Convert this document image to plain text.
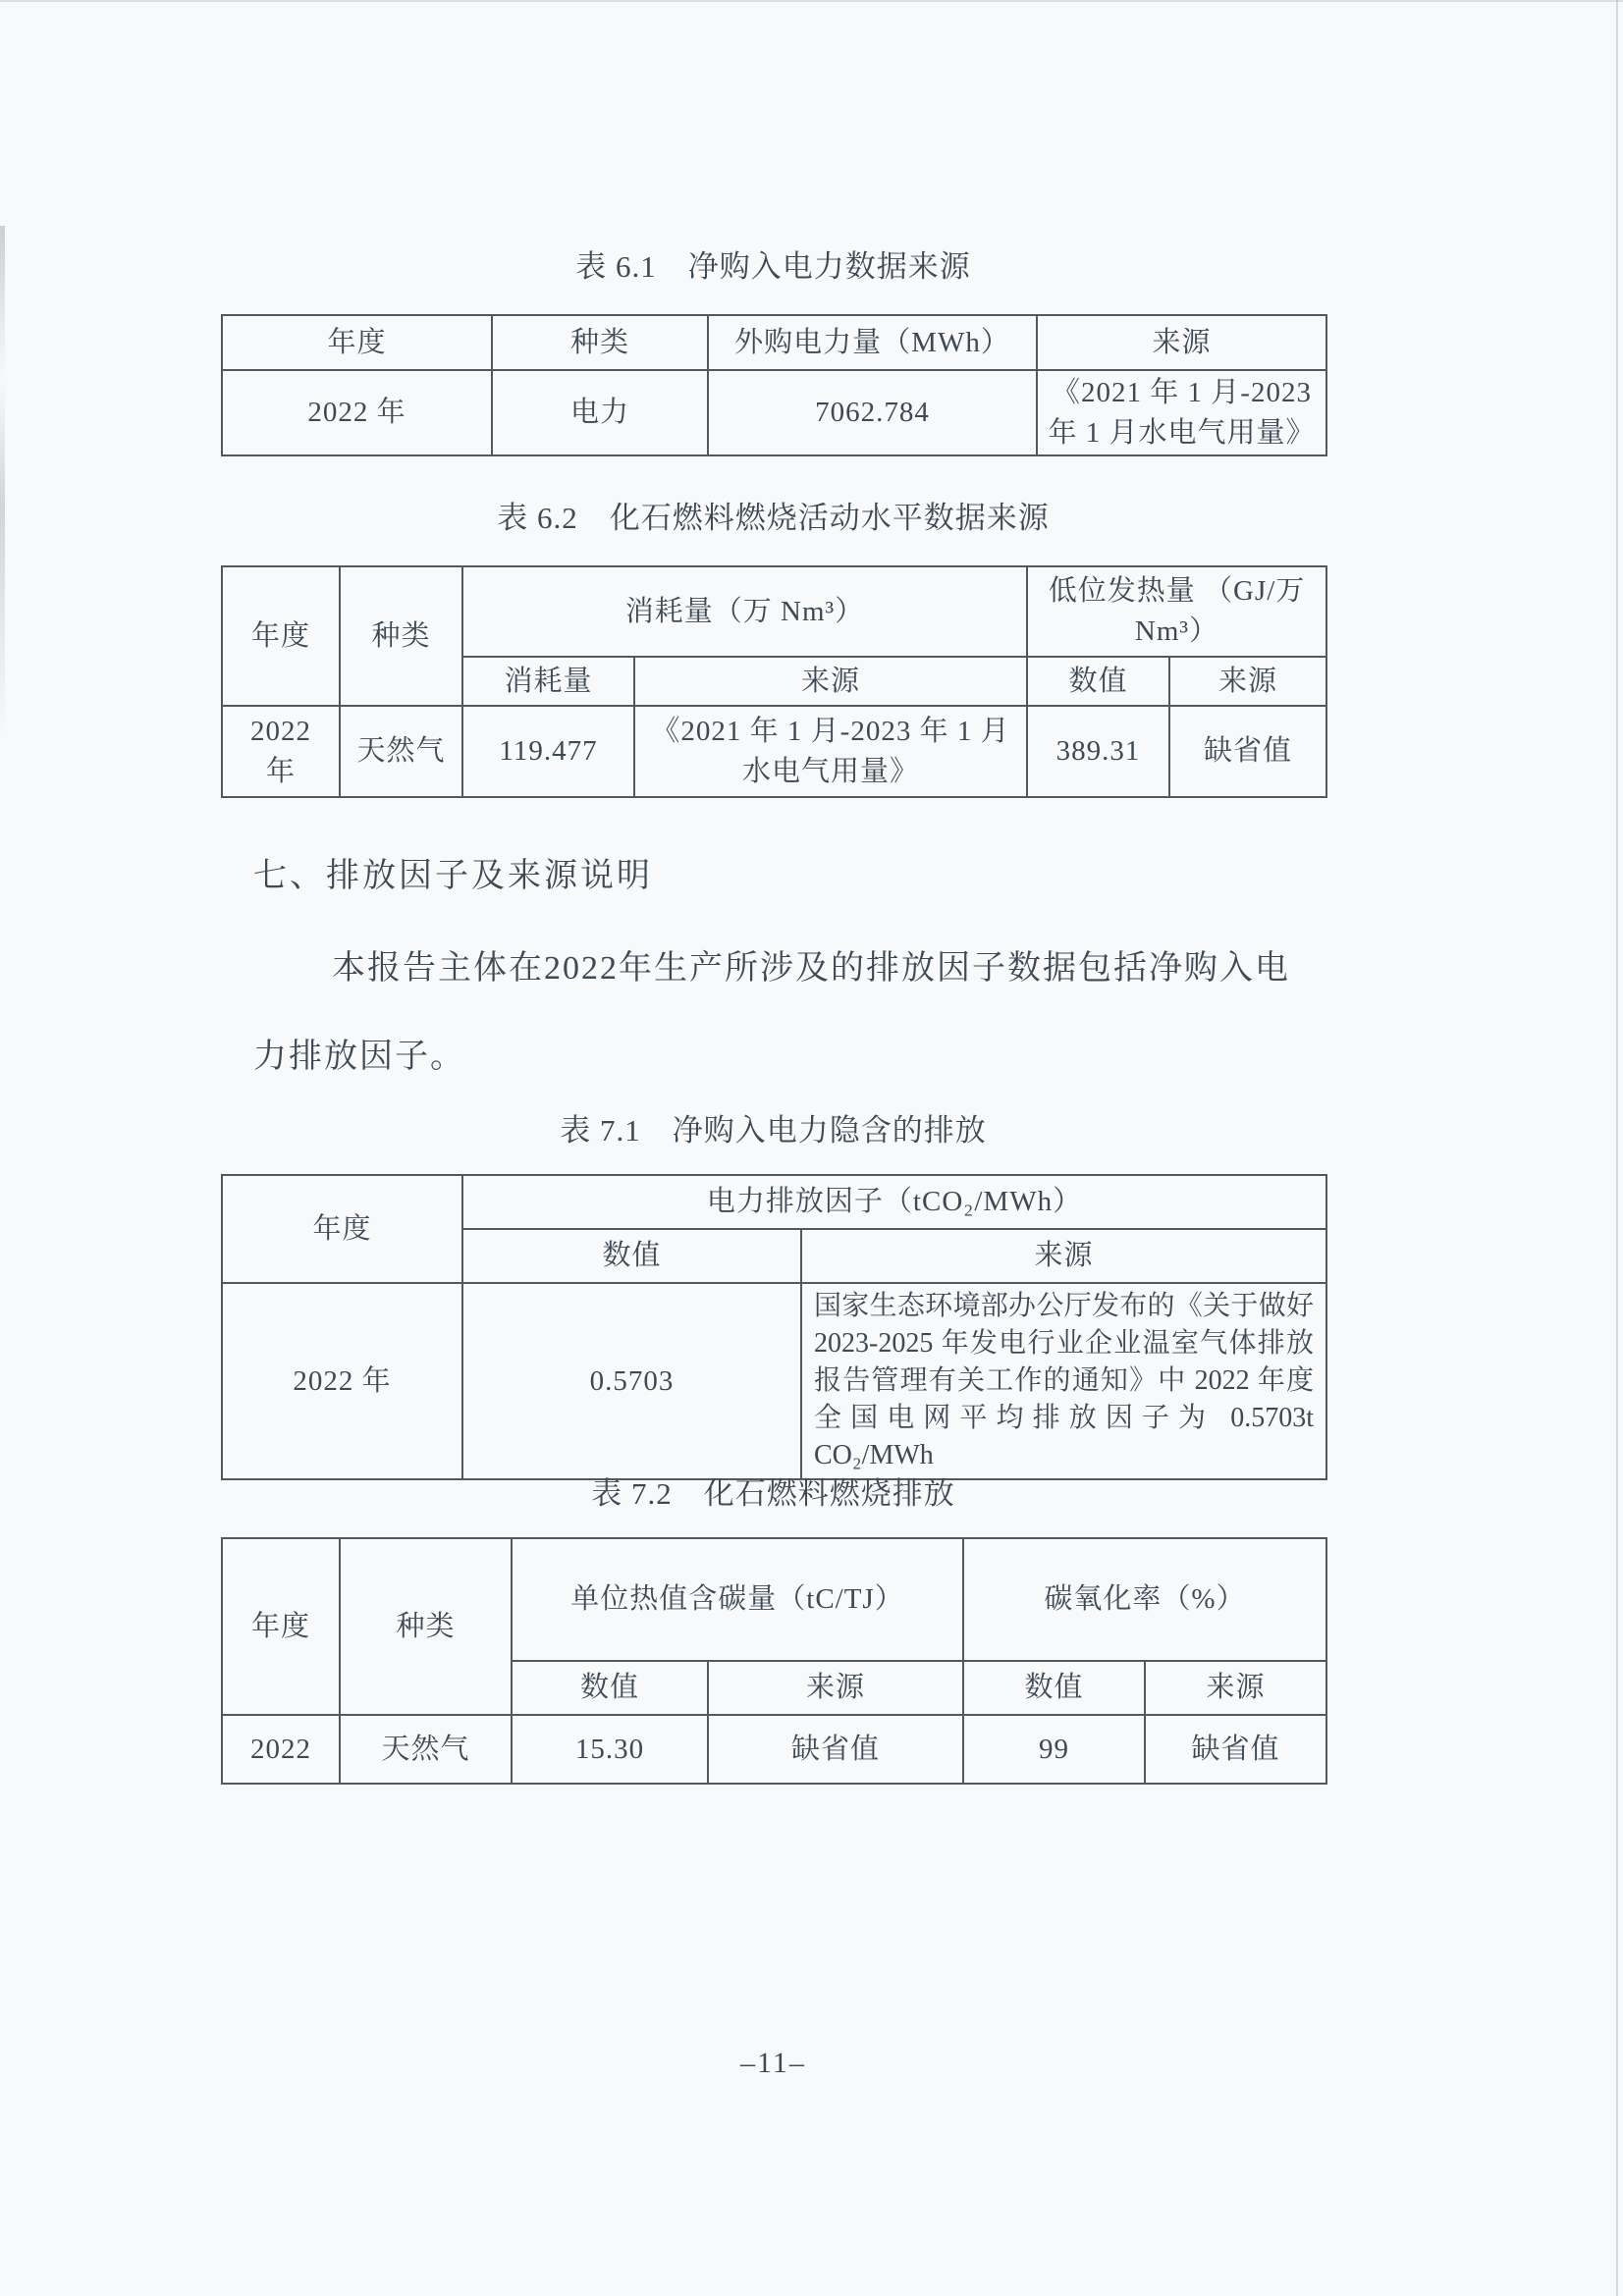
表 6.1　净购入电力数据来源
年度	种类	外购电力量（MWh）	来源
2022 年	电力	7062.784	《2021 年 1 月-2023 年 1 月水电气用量》
表 6.2　化石燃料燃烧活动水平数据来源
年度	种类	消耗量（万 Nm³）		低位发热量 （GJ/万 Nm³）	
		消耗量	来源	数值	来源
2022 年	天然气	119.477	《2021 年 1 月-2023 年 1 月水电气用量》	389.31	缺省值
七、排放因子及来源说明
本报告主体在2022年生产所涉及的排放因子数据包括净购入电
力排放因子。
表 7.1　净购入电力隐含的排放
年度	电力排放因子（tCO₂/MWh）	
	数值	来源
2022 年	0.5703	国家生态环境部办公厅发布的《关于做好 2023-2025 年发电行业企业温室气体排放报告管理有关工作的通知》中 2022 年度全国电网平均排放因子为 0.5703t CO₂/MWh
表 7.2　化石燃料燃烧排放
年度	种类	单位热值含碳量（tC/TJ）		碳氧化率（%）	
		数值	来源	数值	来源
2022	天然气	15.30	缺省值	99	缺省值
–11–
